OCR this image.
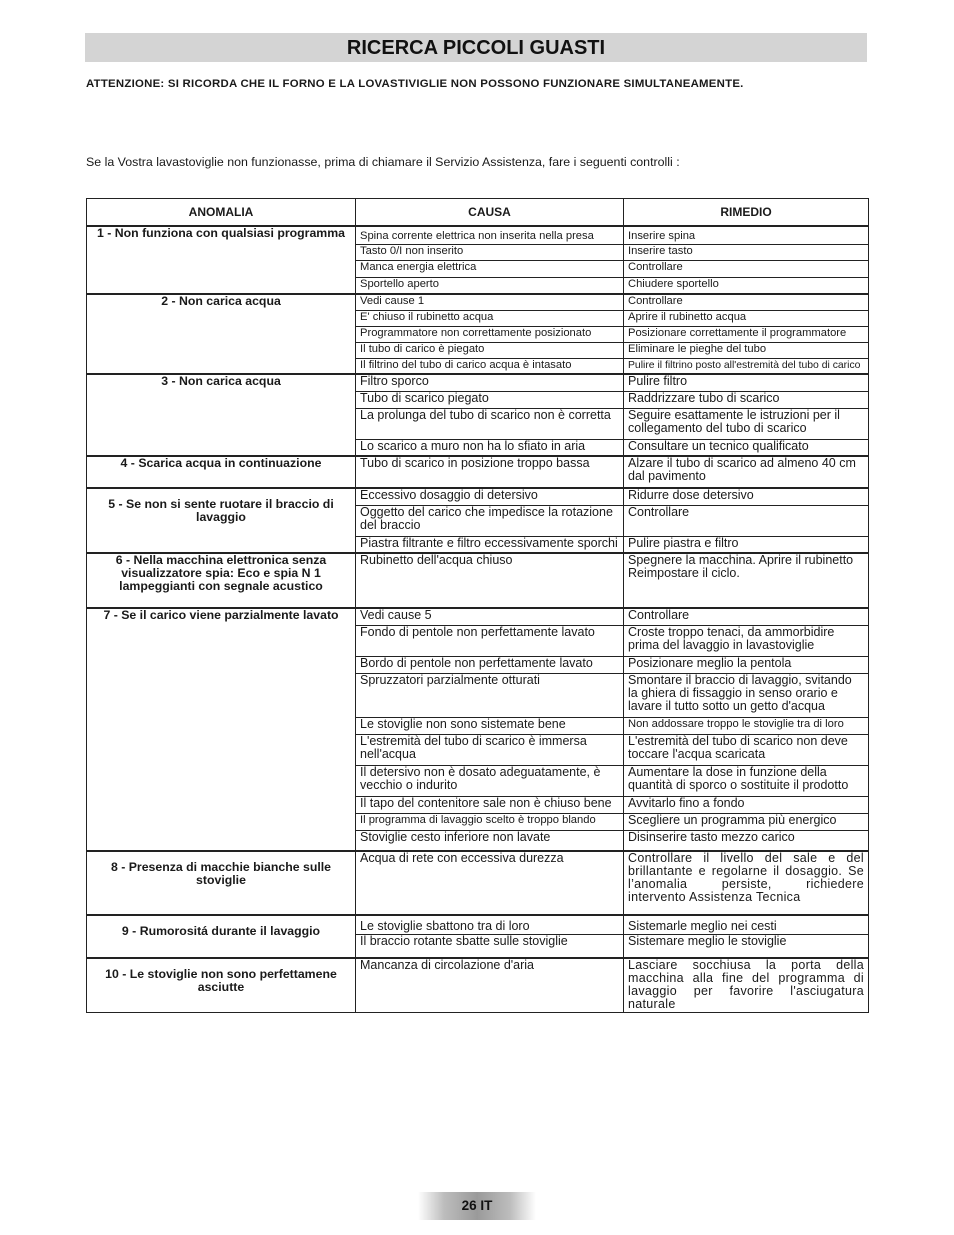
RICERCA PICCOLI GUASTI
ATTENZIONE: SI RICORDA CHE IL FORNO E LA LOVASTIVIGLIE NON POSSONO FUNZIONARE SIMULTANEAMENTE.
Se la Vostra lavastoviglie non funzionasse, prima di chiamare il Servizio Assistenza, fare i seguenti controlli :
ANOMALIA	CAUSA	RIMEDIO
1 - Non funziona con qualsiasi programma	Spina corrente elettrica non inserita nella presa	Inserire spina
	Tasto 0/I non inserito	Inserire tasto
	Manca energia elettrica	Controllare
	Sportello aperto	Chiudere sportello
2 - Non carica acqua	Vedi cause 1	Controllare
	E' chiuso il rubinetto acqua	Aprire il rubinetto acqua
	Programmatore non correttamente posizionato	Posizionare correttamente il programmatore
	Il tubo di carico è piegato	Eliminare le pieghe del tubo
	Il filtrino del tubo di carico acqua è intasato	Pulire il filtrino posto all'estremità del tubo di carico
3 - Non carica acqua	Filtro sporco	Pulire filtro
	Tubo di scarico piegato	Raddrizzare tubo di scarico
	La prolunga del tubo di scarico non è corretta	Seguire esattamente le istruzioni per il collegamento del tubo di scarico
	Lo scarico a muro non ha lo sfiato in aria	Consultare un tecnico qualificato
4 - Scarica acqua in continuazione	Tubo di scarico in posizione troppo bassa	Alzare il tubo di scarico ad almeno 40 cm dal pavimento
5 - Se non si sente ruotare il braccio di lavaggio	Eccessivo dosaggio di detersivo	Ridurre dose detersivo
	Oggetto del carico che impedisce la rotazione del braccio	Controllare
	Piastra filtrante e filtro eccessivamente sporchi	Pulire piastra e filtro
6 - Nella macchina elettronica senza visualizzatore spia: Eco e spia N 1 lampeggianti con segnale acustico	Rubinetto dell'acqua chiuso	Spegnere la macchina. Aprire il rubinetto Reimpostare il ciclo.
7 - Se il carico viene parzialmente lavato	Vedi cause 5	Controllare
	Fondo di pentole non perfettamente lavato	Croste troppo tenaci, da ammorbidire prima del lavaggio in lavastoviglie
	Bordo di pentole non perfettamente lavato	Posizionare meglio la pentola
	Spruzzatori parzialmente otturati	Smontare il braccio di lavaggio, svitando la ghiera di fissaggio in senso orario e lavare il tutto sotto un getto d'acqua
	Le stoviglie non sono sistemate bene	Non addossare troppo le stoviglie tra di loro
	L'estremità del tubo di scarico è immersa nell'acqua	L'estremità del tubo di scarico non deve toccare l'acqua scaricata
	Il detersivo non è dosato adeguatamente, è vecchio o indurito	Aumentare la dose in funzione della quantità di sporco o sostituite il prodotto
	Il tapo del contenitore sale non è chiuso bene	Avvitarlo fino a fondo
	Il programma di lavaggio scelto è troppo blando	Scegliere un programma più energico
	Stoviglie cesto inferiore non lavate	Disinserire tasto mezzo carico
8 - Presenza di macchie bianche sulle stoviglie	Acqua di rete con eccessiva durezza	Controllare il livello del sale e del brillantante e regolarne il dosaggio. Se l’anomalia persiste, richiedere intervento Assistenza Tecnica
9 - Rumorositá durante il lavaggio	Le stoviglie sbattono tra di loro	Sistemarle meglio nei cesti
	Il braccio rotante sbatte sulle stoviglie	Sistemare meglio le stoviglie
10 - Le stoviglie non sono perfettamene asciutte	Mancanza di circolazione d'aria	Lasciare socchiusa la porta della macchina alla fine del programma di lavaggio per favorire l'asciugatura naturale
26 IT
